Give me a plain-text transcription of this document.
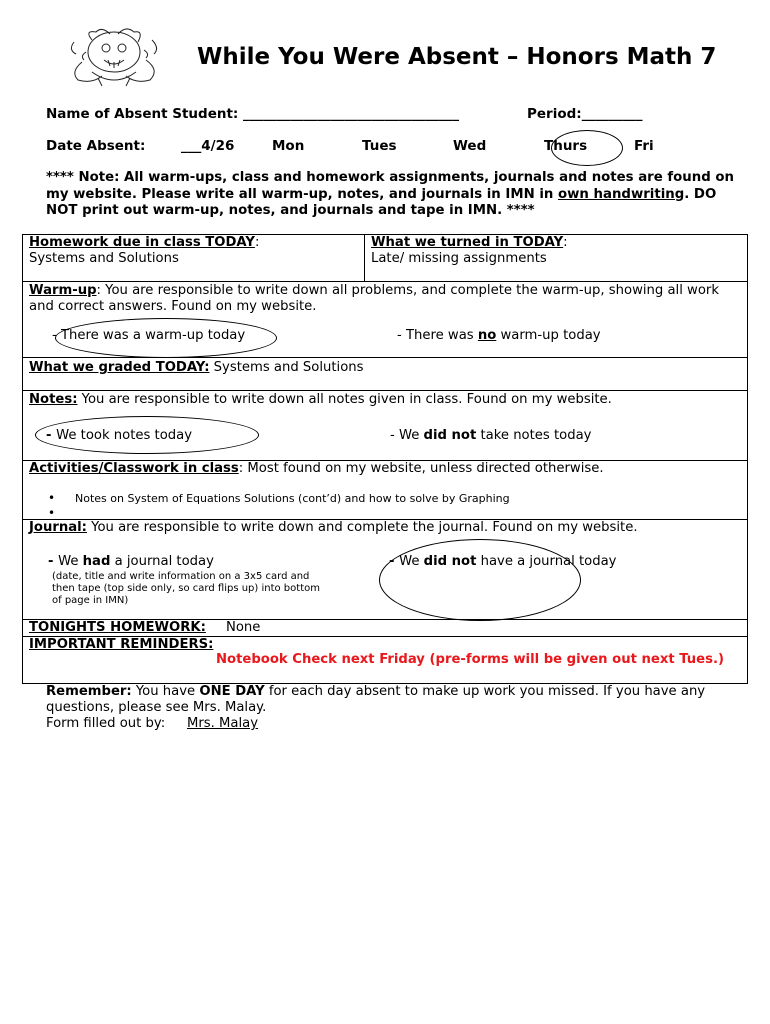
While You Were Absent – Honors Math 7
Name of Absent Student: ________________________________	Period:_________
Date Absent:	___4/26	Mon	Tues	Wed	Thurs	Fri
**** Note: All warm-ups, class and homework assignments, journals and notes are found on my website. Please write all warm-up, notes, and journals in IMN in own handwriting. DO NOT print out warm-up, notes, and journals and tape in IMN. ****
Homework due in class TODAY:
Systems and Solutions
What we turned in TODAY:
Late/ missing assignments
Warm-up: You are responsible to write down all problems, and complete the warm-up, showing all work and correct answers. Found on my website.
- There was a warm-up today	- There was no warm-up today
What we graded TODAY: Systems and Solutions
Notes: You are responsible to write down all notes given in class. Found on my website.
- We took notes today	- We did not take notes today
Activities/Classwork in class: Most found on my website, unless directed otherwise.
• Notes on System of Equations Solutions (cont’d) and how to solve by Graphing
•
Journal: You are responsible to write down and complete the journal. Found on my website.
- We had a journal today
(date, title and write information on a 3x5 card and then tape (top side only, so card flips up) into bottom of page in IMN)
- We did not have a journal today
TONIGHTS HOMEWORK: None
IMPORTANT REMINDERS:
Notebook Check next Friday (pre-forms will be given out next Tues.)
Remember: You have ONE DAY for each day absent to make up work you missed. If you have any questions, please see Mrs. Malay.
Form filled out by: Mrs. Malay
